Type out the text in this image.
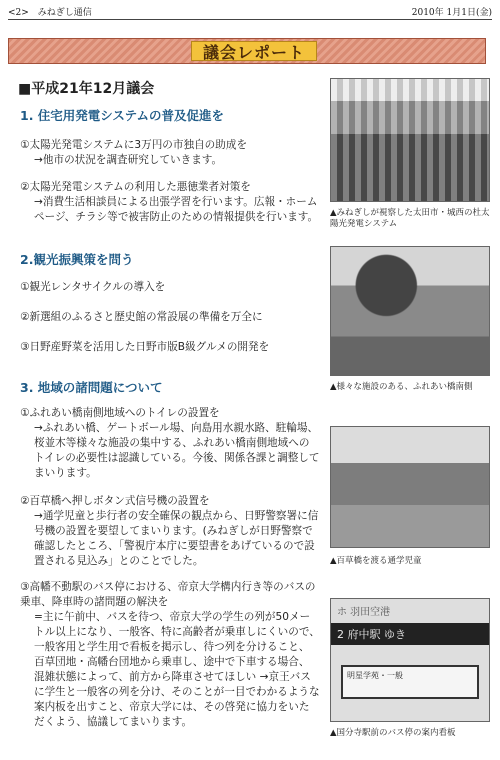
<2>　みねぎし通信	2010年 1月1日(金)
議会レポート
■平成21年12月議会
1. 住宅用発電システムの普及促進を
①太陽光発電システムに3万円の市独自の助成を
→他市の状況を調査研究していきます。
②太陽光発電システムの利用した悪徳業者対策を
→消費生活相談員による出張学習を行います。広報・ホームページ、チラシ等で被害防止のための情報提供を行います。
2.観光振興策を問う
①観光レンタサイクルの導入を
②新選組のふるさと歴史館の常設展の準備を万全に
③日野産野菜を活用した日野市版B級グルメの開発を
3. 地域の諸問題について
①ふれあい橋南側地域へのトイレの設置を
→ふれあい橋、ゲートボール場、向島用水親水路、駐輪場、桜並木等様々な施設の集中する、ふれあい橋南側地域へのトイレの必要性は認識している。今後、関係各課と調整してまいります。
②百草橋へ押しボタン式信号機の設置を
→通学児童と歩行者の安全確保の観点から、日野警察署に信号機の設置を要望してまいります。(みねぎしが日野警察で確認したところ、「警視庁本庁に要望書をあげているので設置される見込み」とのことでした。
③高幡不動駅のバス停における、帝京大学構内行き等のバスの乗車、降車時の諸問題の解決を
=主に午前中、バスを待つ、帝京大学の学生の列が50メートル以上になり、一般客、特に高齢者が乗車しにくいので、一般客用と学生用で看板を掲示し、待つ列を分けること、百草団地・高幡台団地から乗車し、途中で下車する場合、混雑状態によって、前方から降車させてほしい →京王バスに学生と一般客の列を分け、そのことが一目でわかるような案内板を出すこと、帝京大学には、その啓発に協力をいただくよう、協議してまいります。
▲みねぎしが視察した太田市・城西の杜太陽光発電システム
▲様々な施設のある、ふれあい橋南側
▲百草橋を渡る通学児童
ホ 羽田空港
2 府中駅 ゆき
明星学苑・一般
▲国分寺駅前のバス停の案内看板
